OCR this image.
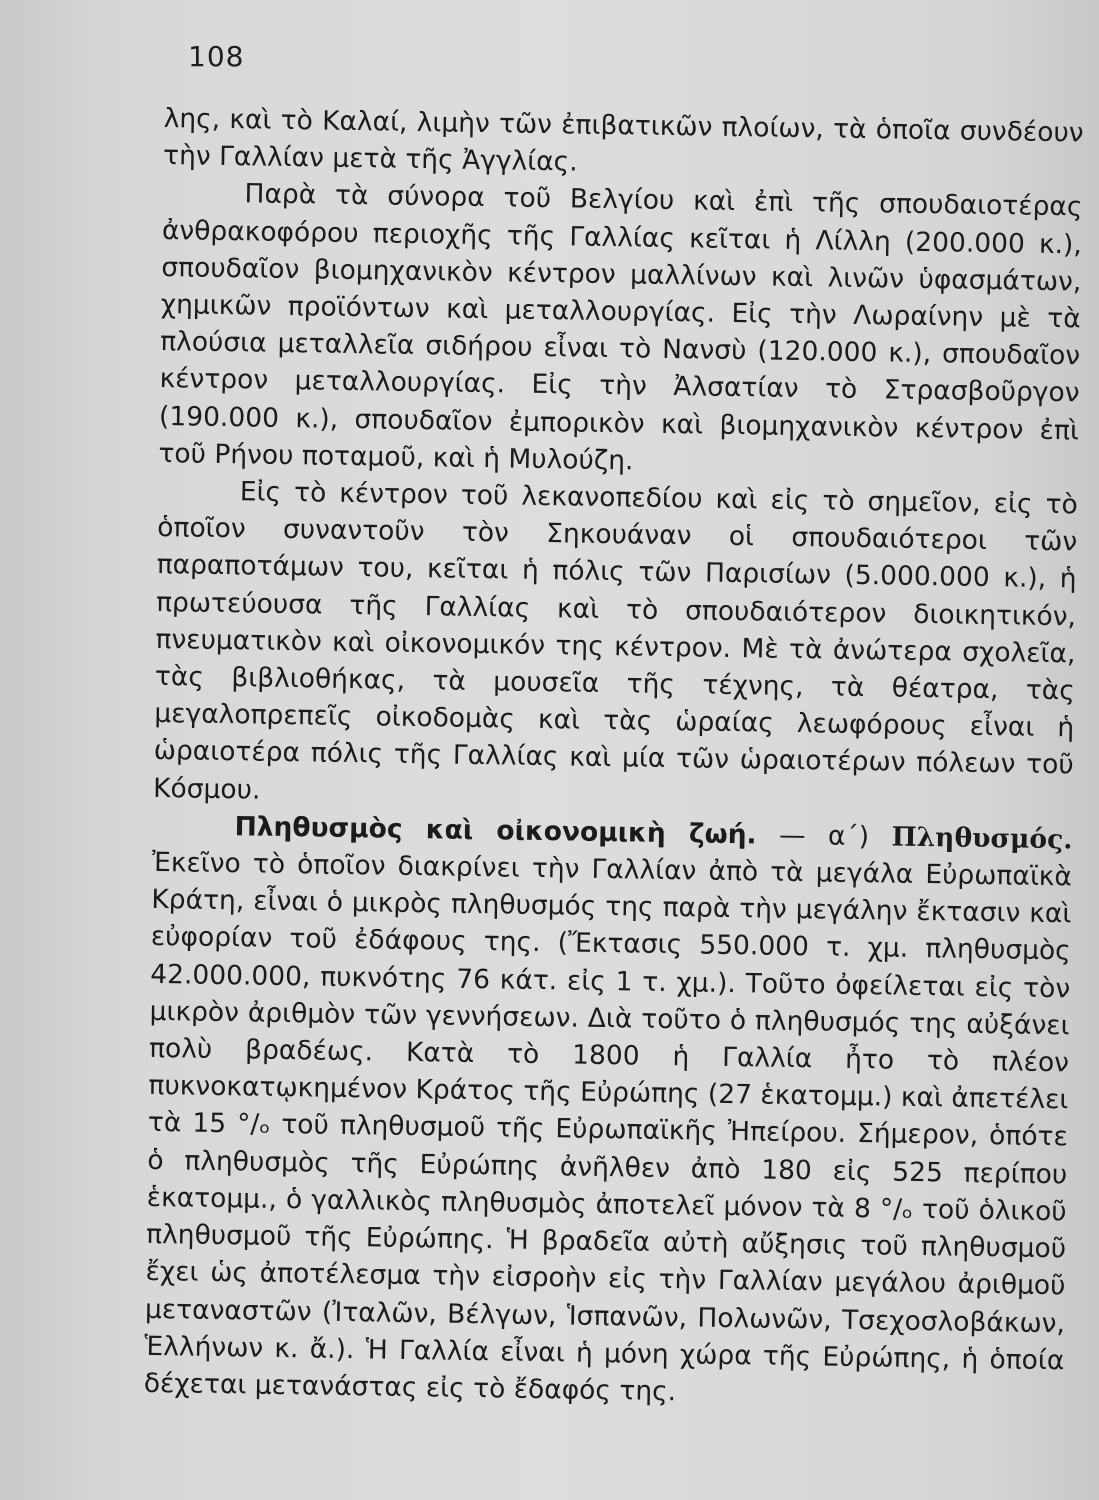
108

λης, καὶ τὸ Καλαί, λιμὴν τῶν ἐπιβατικῶν πλοίων, τὰ ὁποῖα συνδέουν τὴν Γαλλίαν μετὰ τῆς Ἀγγλίας.

Παρὰ τὰ σύνορα τοῦ Βελγίου καὶ ἐπὶ τῆς σπουδαιοτέρας ἀνθρακοφόρου περιοχῆς τῆς Γαλλίας κεῖται ἡ Λίλλη (200.000 κ.), σπουδαῖον βιομηχανικὸν κέντρον μαλλίνων καὶ λινῶν ὑφασμάτων, χημικῶν προϊόντων καὶ μεταλλουργίας. Εἰς τὴν Λωραίνην μὲ τὰ πλούσια μεταλλεῖα σιδήρου εἶναι τὸ Νανσὺ (120.000 κ.), σπουδαῖον κέντρον μεταλλουργίας. Εἰς τὴν Ἀλσατίαν τὸ Στρασβοῦργον (190.000 κ.), σπουδαῖον ἐμπορικὸν καὶ βιομηχανικὸν κέντρον ἐπὶ τοῦ Ρήνου ποταμοῦ, καὶ ἡ Μυλούζη.

Εἰς τὸ κέντρον τοῦ λεκανοπεδίου καὶ εἰς τὸ σημεῖον, εἰς τὸ ὁποῖον συναντοῦν τὸν Σηκουάναν οἱ σπουδαιότεροι τῶν παραποτάμων του, κεῖται ἡ πόλις τῶν Παρισίων (5.000.000 κ.), ἡ πρωτεύουσα τῆς Γαλλίας καὶ τὸ σπουδαιότερον διοικητικόν, πνευματικὸν καὶ οἰκονομικόν της κέντρον. Μὲ τὰ ἀνώτερα σχολεῖα, τὰς βιβλιοθήκας, τὰ μουσεῖα τῆς τέχνης, τὰ θέατρα, τὰς μεγαλοπρεπεῖς οἰκοδομὰς καὶ τὰς ὡραίας λεωφόρους εἶναι ἡ ὡραιοτέρα πόλις τῆς Γαλλίας καὶ μία τῶν ὡραιοτέρων πόλεων τοῦ Κόσμου.

Πληθυσμὸς καὶ οἰκονομικὴ ζωή. — α΄) Πληθυσμός. Ἐκεῖνο τὸ ὁποῖον διακρίνει τὴν Γαλλίαν ἀπὸ τὰ μεγάλα Εὐρωπαϊκὰ Κράτη, εἶναι ὁ μικρὸς πληθυσμός της παρὰ τὴν μεγάλην ἔκτασιν καὶ εὐφορίαν τοῦ ἐδάφους της. (Ἔκτασις 550.000 τ. χμ. πληθυσμὸς 42.000.000, πυκνότης 76 κάτ. εἰς 1 τ. χμ.). Τοῦτο ὀφείλεται εἰς τὸν μικρὸν ἀριθμὸν τῶν γεννήσεων. Διὰ τοῦτο ὁ πληθυσμός της αὐξάνει πολὺ βραδέως. Κατὰ τὸ 1800 ἡ Γαλλία ἦτο τὸ πλέον πυκνοκατῳκημένον Κράτος τῆς Εὐρώπης (27 ἑκατομμ.) καὶ ἀπετέλει τὰ 15 °/ₒ τοῦ πληθυσμοῦ τῆς Εὐρωπαϊκῆς Ἠπείρου. Σήμερον, ὁπότε ὁ πληθυσμὸς τῆς Εὐρώπης ἀνῆλθεν ἀπὸ 180 εἰς 525 περίπου ἑκατομμ., ὁ γαλλικὸς πληθυσμὸς ἀποτελεῖ μόνον τὰ 8 °/ₒ τοῦ ὁλικοῦ πληθυσμοῦ τῆς Εὐρώπης. Ἡ βραδεῖα αὐτὴ αὔξησις τοῦ πληθυσμοῦ ἔχει ὡς ἀποτέλεσμα τὴν εἰσροὴν εἰς τὴν Γαλλίαν μεγάλου ἀριθμοῦ μεταναστῶν (Ἰταλῶν, Βέλγων, Ἱσπανῶν, Πολωνῶν, Τσεχοσλοβάκων, Ἑλλήνων κ. ἄ.). Ἡ Γαλλία εἶναι ἡ μόνη χώρα τῆς Εὐρώπης, ἡ ὁποία δέχεται μετανάστας εἰς τὸ ἔδαφός της.
